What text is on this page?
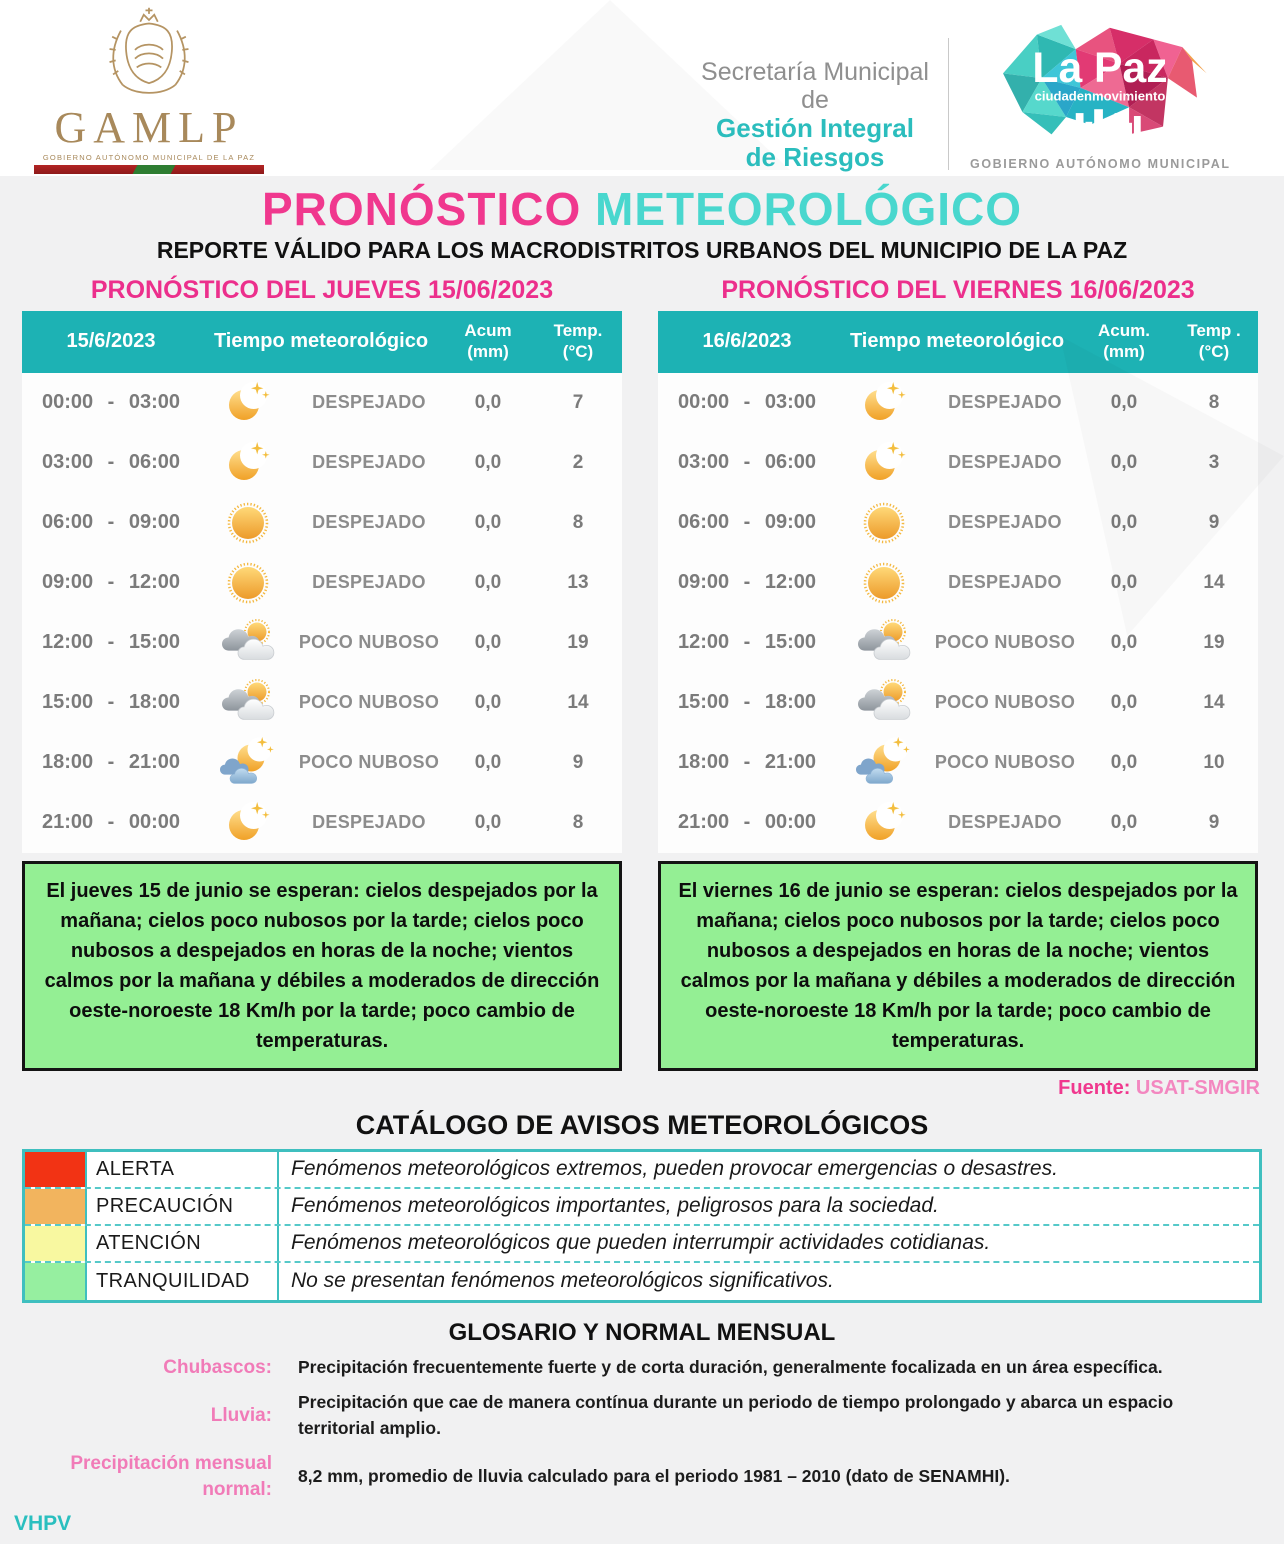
GAMLP
GOBIERNO AUTÓNOMO MUNICIPAL DE LA PAZ
Secretaría Municipal de
Gestión Integral
de Riesgos
La Paz
ciudadenmovimiento
GOBIERNO AUTÓNOMO MUNICIPAL
PRONÓSTICO METEOROLÓGICO
REPORTE VÁLIDO PARA LOS MACRODISTRITOS URBANOS DEL MUNICIPIO DE LA PAZ
PRONÓSTICO DEL JUEVES 15/06/2023
15/6/2023	Tiempo meteorológico	Acum
(mm)
Temp.
(°C)
00:00 - 03:00	DESPEJADO	0,0	7
03:00 - 06:00	DESPEJADO	0,0	2
06:00 - 09:00	DESPEJADO	0,0	8
09:00 - 12:00	DESPEJADO	0,0	13
12:00 - 15:00	POCO NUBOSO	0,0	19
15:00 - 18:00	POCO NUBOSO	0,0	14
18:00 - 21:00	POCO NUBOSO	0,0	9
21:00 - 00:00	DESPEJADO	0,0	8
El jueves 15 de junio se esperan: cielos despejados por la mañana; cielos poco nubosos por la tarde; cielos poco nubosos a despejados en horas de la noche; vientos calmos por la mañana y débiles a moderados de dirección oeste-noroeste 18 Km/h por la tarde; poco cambio de temperaturas.
PRONÓSTICO DEL VIERNES 16/06/2023
16/6/2023	Tiempo meteorológico	Acum.
(mm)
Temp .
(°C)
00:00 - 03:00	DESPEJADO	0,0	8
03:00 - 06:00	DESPEJADO	0,0	3
06:00 - 09:00	DESPEJADO	0,0	9
09:00 - 12:00	DESPEJADO	0,0	14
12:00 - 15:00	POCO NUBOSO	0,0	19
15:00 - 18:00	POCO NUBOSO	0,0	14
18:00 - 21:00	POCO NUBOSO	0,0	10
21:00 - 00:00	DESPEJADO	0,0	9
El viernes 16 de junio se esperan: cielos despejados por la mañana; cielos poco nubosos por la tarde; cielos poco nubosos a despejados en horas de la noche; vientos calmos por la mañana y débiles a moderados de dirección oeste-noroeste 18 Km/h por la tarde; poco cambio de temperaturas.
Fuente: USAT-SMGIR
CATÁLOGO DE AVISOS METEOROLÓGICOS
ALERTA	Fenómenos meteorológicos extremos, pueden provocar emergencias o desastres.
PRECAUCIÓN	Fenómenos meteorológicos importantes, peligrosos para la sociedad.
ATENCIÓN	Fenómenos meteorológicos que pueden interrumpir actividades cotidianas.
TRANQUILIDAD	No se presentan fenómenos meteorológicos significativos.
GLOSARIO Y NORMAL MENSUAL
Chubascos: Precipitación frecuentemente fuerte y de corta duración, generalmente focalizada en un área específica.
Lluvia:
Precipitación que cae de manera contínua durante un periodo de tiempo prolongado y abarca un espacio territorial amplio.
Precipitación mensual normal:
8,2 mm, promedio de lluvia calculado para el periodo 1981 – 2010 (dato de SENAMHI).
VHPV
